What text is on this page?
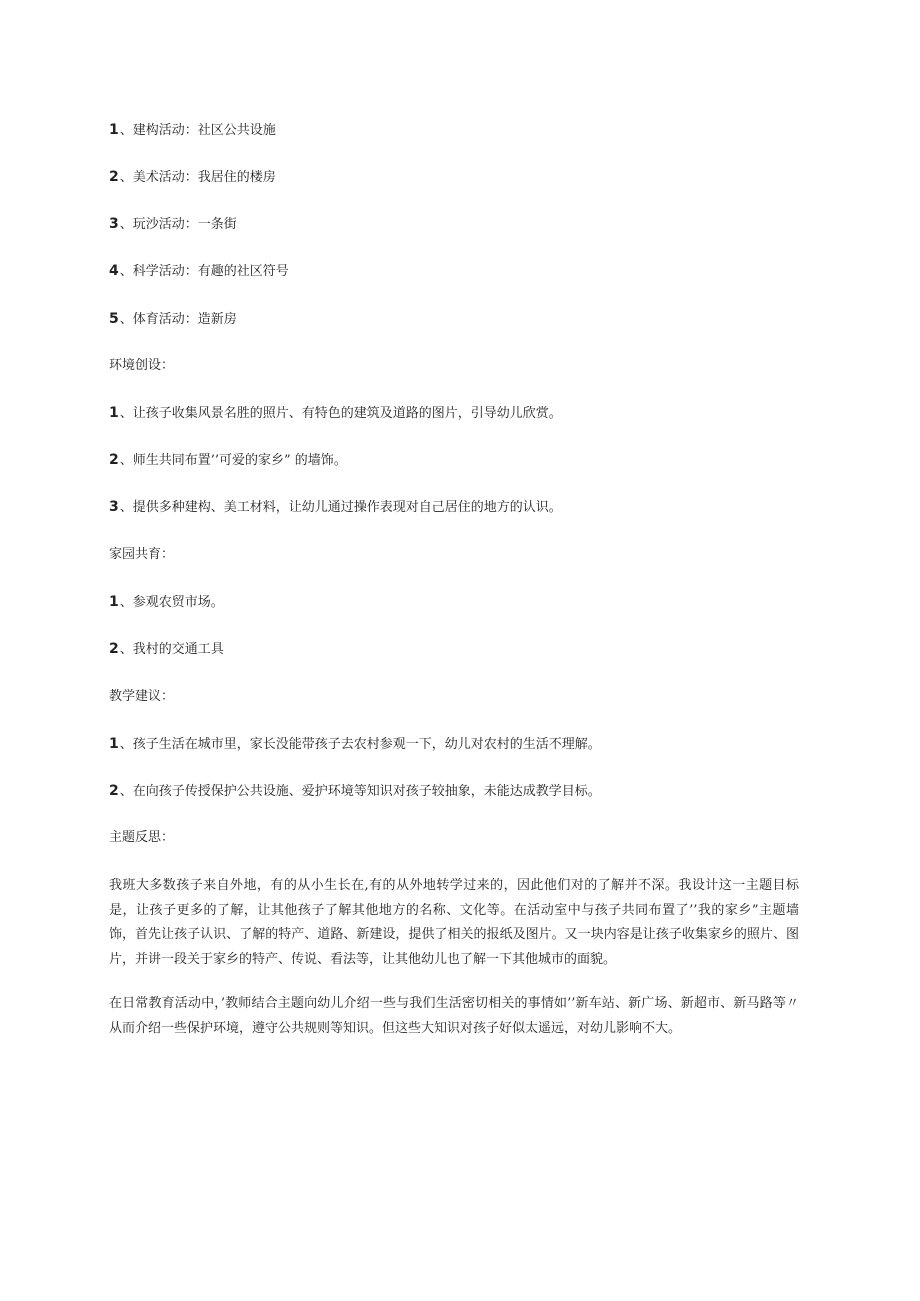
1、建构活动：社区公共设施
2、美术活动：我居住的楼房
3、玩沙活动：一条街
4、科学活动：有趣的社区符号
5、体育活动：造新房
环境创设：
1、让孩子收集风景名胜的照片、有特色的建筑及道路的图片，引导幼儿欣赏。
2、师生共同布置’’可爱的家乡” 的墙饰。
3、提供多种建构、美工材料，让幼儿通过操作表现对自己居住的地方的认识。
家园共育：
1、参观农贸市场。
2、我村的交通工具
教学建议：
1、孩子生活在城市里，家长没能带孩子去农村参观一下，幼儿对农村的生活不理解。
2、在向孩子传授保护公共设施、爱护环境等知识对孩子较抽象，未能达成教学目标。
主题反思：

我班大多数孩子来自外地，有的从小生长在,有的从外地转学过来的，因此他们对的了解并不深。我设计这一主题目标是，让孩子更多的了解，让其他孩子了解其他地方的名称、文化等。在活动室中与孩子共同布置了’’我的家乡”主题墙饰，首先让孩子认识、了解的特产、道路、新建设，提供了相关的报纸及图片。又一块内容是让孩子收集家乡的照片、图片，并讲一段关于家乡的特产、传说、看法等，让其他幼儿也了解一下其他城市的面貌。

在日常教育活动中，’教师结合主题向幼儿介绍一些与我们生活密切相关的事情如’’新车站、新广场、新超市、新马路等〃从而介绍一些保护环境，遵守公共规则等知识。但这些大知识对孩子好似太遥远，对幼儿影响不大。
